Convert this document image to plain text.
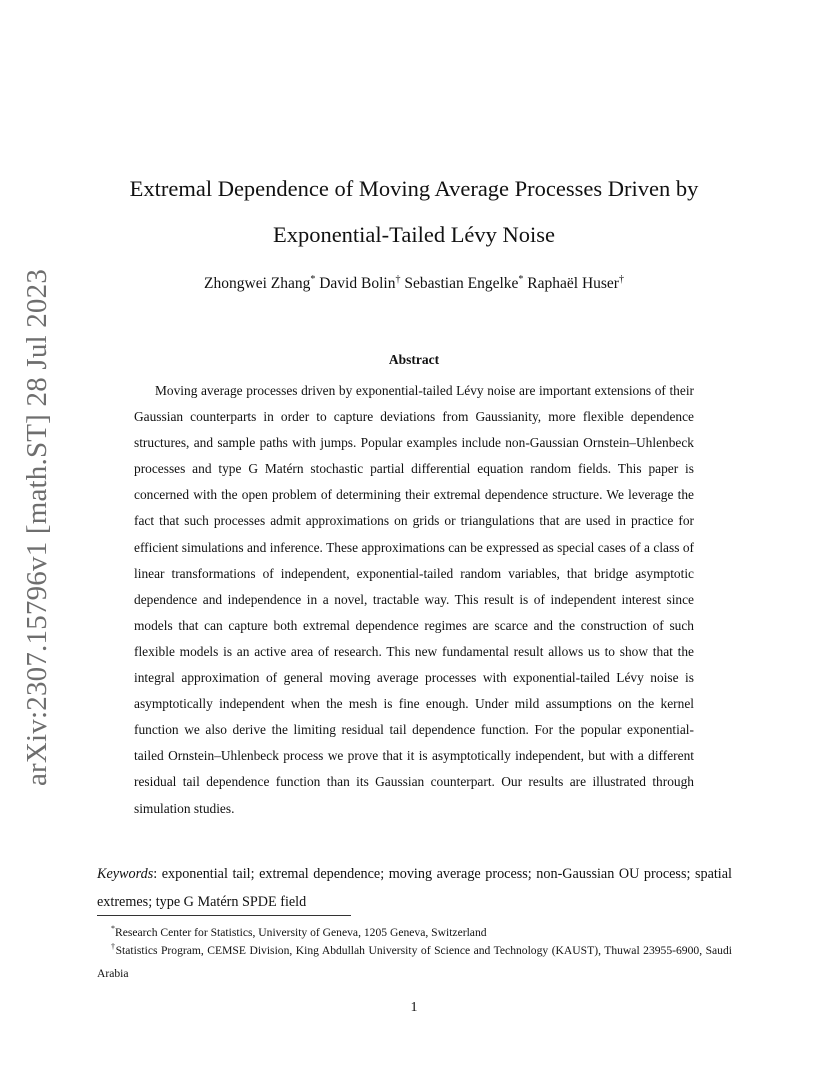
arXiv:2307.15796v1 [math.ST] 28 Jul 2023
Extremal Dependence of Moving Average Processes Driven by Exponential-Tailed Lévy Noise

Zhongwei Zhang* David Bolin† Sebastian Engelke* Raphaël Huser†

Abstract

Moving average processes driven by exponential-tailed Lévy noise are important extensions of their Gaussian counterparts in order to capture deviations from Gaussianity, more flexible dependence structures, and sample paths with jumps. Popular examples include non-Gaussian Ornstein–Uhlenbeck processes and type G Matérn stochastic partial differential equation random fields. This paper is concerned with the open problem of determining their extremal dependence structure. We leverage the fact that such processes admit approximations on grids or triangulations that are used in practice for efficient simulations and inference. These approximations can be expressed as special cases of a class of linear transformations of independent, exponential-tailed random variables, that bridge asymptotic dependence and independence in a novel, tractable way. This result is of independent interest since models that can capture both extremal dependence regimes are scarce and the construction of such flexible models is an active area of research. This new fundamental result allows us to show that the integral approximation of general moving average processes with exponential-tailed Lévy noise is asymptotically independent when the mesh is fine enough. Under mild assumptions on the kernel function we also derive the limiting residual tail dependence function. For the popular exponential-tailed Ornstein–Uhlenbeck process we prove that it is asymptotically independent, but with a different residual tail dependence function than its Gaussian counterpart. Our results are illustrated through simulation studies.

Keywords: exponential tail; extremal dependence; moving average process; non-Gaussian OU process; spatial extremes; type G Matérn SPDE field

*Research Center for Statistics, University of Geneva, 1205 Geneva, Switzerland

†Statistics Program, CEMSE Division, King Abdullah University of Science and Technology (KAUST), Thuwal 23955-6900, Saudi Arabia

1
